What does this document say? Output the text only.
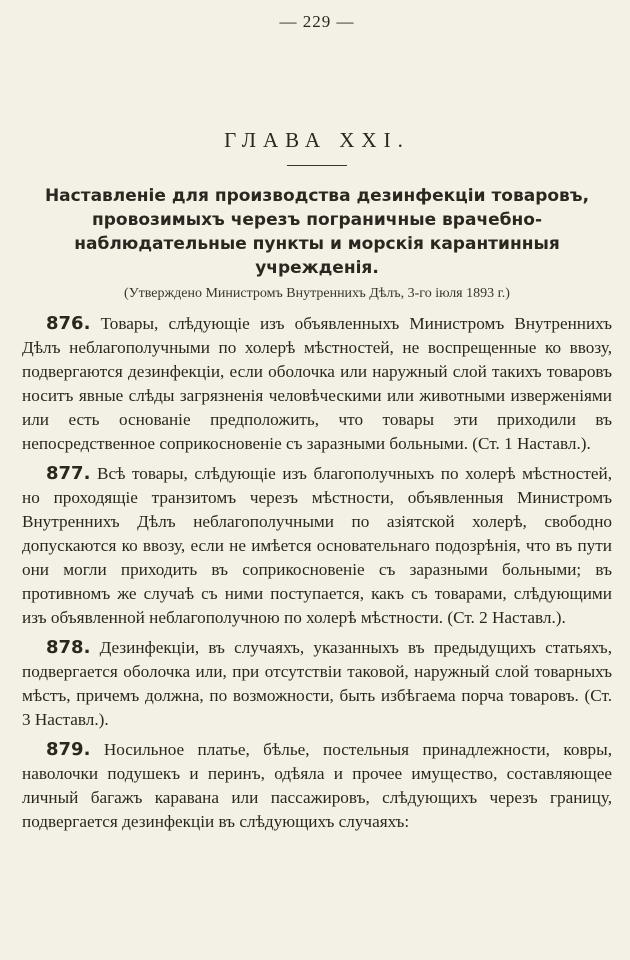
— 229 —
ГЛАВА XXI.
Наставленіе для производства дезинфекціи товаровъ, провозимыхъ черезъ пограничные врачебно-наблюдательные пункты и морскія карантинныя учрежденія.

(Утверждено Министромъ Внутреннихъ Дѣлъ, 3-го іюля 1893 г.)

876. Товары, слѣдующіе изъ объявленныхъ Министромъ Внутреннихъ Дѣлъ неблагополучными по холерѣ мѣстностей, не воспрещенные ко ввозу, подвергаются дезинфекціи, если оболочка или наружный слой такихъ товаровъ носитъ явные слѣды загрязненія человѣческими или животными изверженіями или есть основаніе предположить, что товары эти приходили въ непосредственное соприкосновеніе съ заразными больными. (Ст. 1 Наставл.).

877. Всѣ товары, слѣдующіе изъ благополучныхъ по холерѣ мѣстностей, но проходящіе транзитомъ черезъ мѣстности, объявленныя Министромъ Внутреннихъ Дѣлъ неблагополучными по азіятской холерѣ, свободно допускаются ко ввозу, если не имѣется основательнаго подозрѣнія, что въ пути они могли приходить въ соприкосновеніе съ заразными больными; въ противномъ же случаѣ съ ними поступается, какъ съ товарами, слѣдующими изъ объявленной неблагополучною по холерѣ мѣстности. (Ст. 2 Наставл.).

878. Дезинфекціи, въ случаяхъ, указанныхъ въ предыдущихъ статьяхъ, подвергается оболочка или, при отсутствіи таковой, наружный слой товарныхъ мѣстъ, причемъ должна, по возможности, быть избѣгаема порча товаровъ. (Ст. 3 Наставл.).

879. Носильное платье, бѣлье, постельныя принадлежности, ковры, наволочки подушекъ и перинъ, одѣяла и прочее имущество, составляющее личный багажъ каравана или пассажировъ, слѣдующихъ черезъ границу, подвергается дезинфекціи въ слѣдующихъ случаяхъ:
